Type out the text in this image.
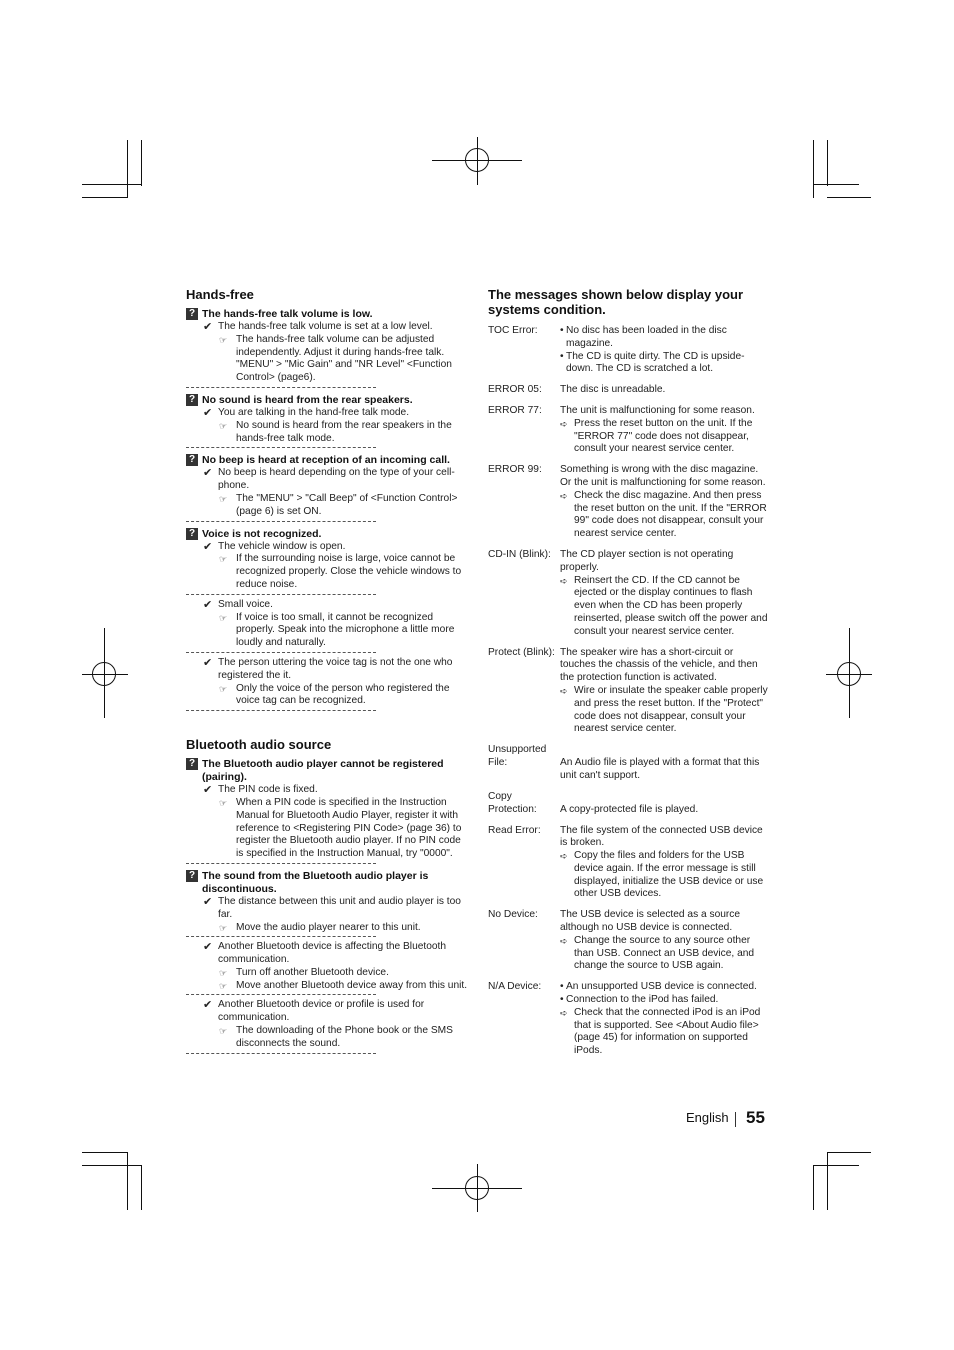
Hands-free
? The hands-free talk volume is low.
✔ The hands-free talk volume is set at a low level.
☞ The hands-free talk volume can be adjusted independently. Adjust it during hands-free talk. "MENU" > "Mic Gain" and "NR Level" <Function Control> (page6).
? No sound is heard from the rear speakers.
✔ You are talking in the hand-free talk mode.
☞ No sound is heard from the rear speakers in the hands-free talk mode.
? No beep is heard at reception of an incoming call.
✔ No beep is heard depending on the type of your cell-phone.
☞ The "MENU" > "Call Beep" of <Function Control> (page 6) is set ON.
? Voice is not recognized.
✔ The vehicle window is open.
☞ If the surrounding noise is large, voice cannot be recognized properly. Close the vehicle windows to reduce noise.
✔ Small voice.
☞ If voice is too small, it cannot be recognized properly. Speak into the microphone a little more loudly and naturally.
✔ The person uttering the voice tag is not the one who registered the it.
☞ Only the voice of the person who registered the voice tag can be recognized.
Bluetooth audio source
? The Bluetooth audio player cannot be registered (pairing).
✔ The PIN code is fixed.
☞ When a PIN code is specified in the Instruction Manual for Bluetooth Audio Player, register it with reference to <Registering PIN Code> (page 36) to register the Bluetooth audio player. If no PIN code is specified in the Instruction Manual, try "0000".
? The sound from the Bluetooth audio player is discontinuous.
✔ The distance between this unit and audio player is too far.
☞ Move the audio player nearer to this unit.
✔ Another Bluetooth device is affecting the Bluetooth communication.
☞ Turn off another Bluetooth device.
☞ Move another Bluetooth device away from this unit.
✔ Another Bluetooth device or profile is used for communication.
☞ The downloading of the Phone book or the SMS disconnects the sound.
The messages shown below display your systems condition.
TOC Error:	• No disc has been loaded in the disc magazine.
• The CD is quite dirty. The CD is upside-down. The CD is scratched a lot.
ERROR 05:	The disc is unreadable.
ERROR 77:	The unit is malfunctioning for some reason.
➪ Press the reset button on the unit. If the "ERROR 77" code does not disappear, consult your nearest service center.
ERROR 99:	Something is wrong with the disc magazine. Or the unit is malfunctioning for some reason.
➪ Check the disc magazine. And then press the reset button on the unit. If the "ERROR 99" code does not disappear, consult your nearest service center.
CD-IN (Blink): The CD player section is not operating properly.
➪ Reinsert the CD. If the CD cannot be ejected or the display continues to flash even when the CD has been properly reinserted, please switch off the power and consult your nearest service center.
Protect (Blink): The speaker wire has a short-circuit or touches the chassis of the vehicle, and then the protection function is activated.
➪ Wire or insulate the speaker cable properly and press the reset button. If the "Protect" code does not disappear, consult your nearest service center.
Unsupported File:	An Audio file is played with a format that this unit can't support.
Copy Protection:	A copy-protected file is played.
Read Error:	The file system of the connected USB device is broken.
➪ Copy the files and folders for the USB device again. If the error message is still displayed, initialize the USB device or use other USB devices.
No Device:	The USB device is selected as a source although no USB device is connected.
➪ Change the source to any source other than USB. Connect an USB device, and change the source to USB again.
N/A Device:	• An unsupported USB device is connected.
• Connection to the iPod has failed.
➪ Check that the connected iPod is an iPod that is supported. See <About Audio file> (page 45) for information on supported iPods.
English 55
